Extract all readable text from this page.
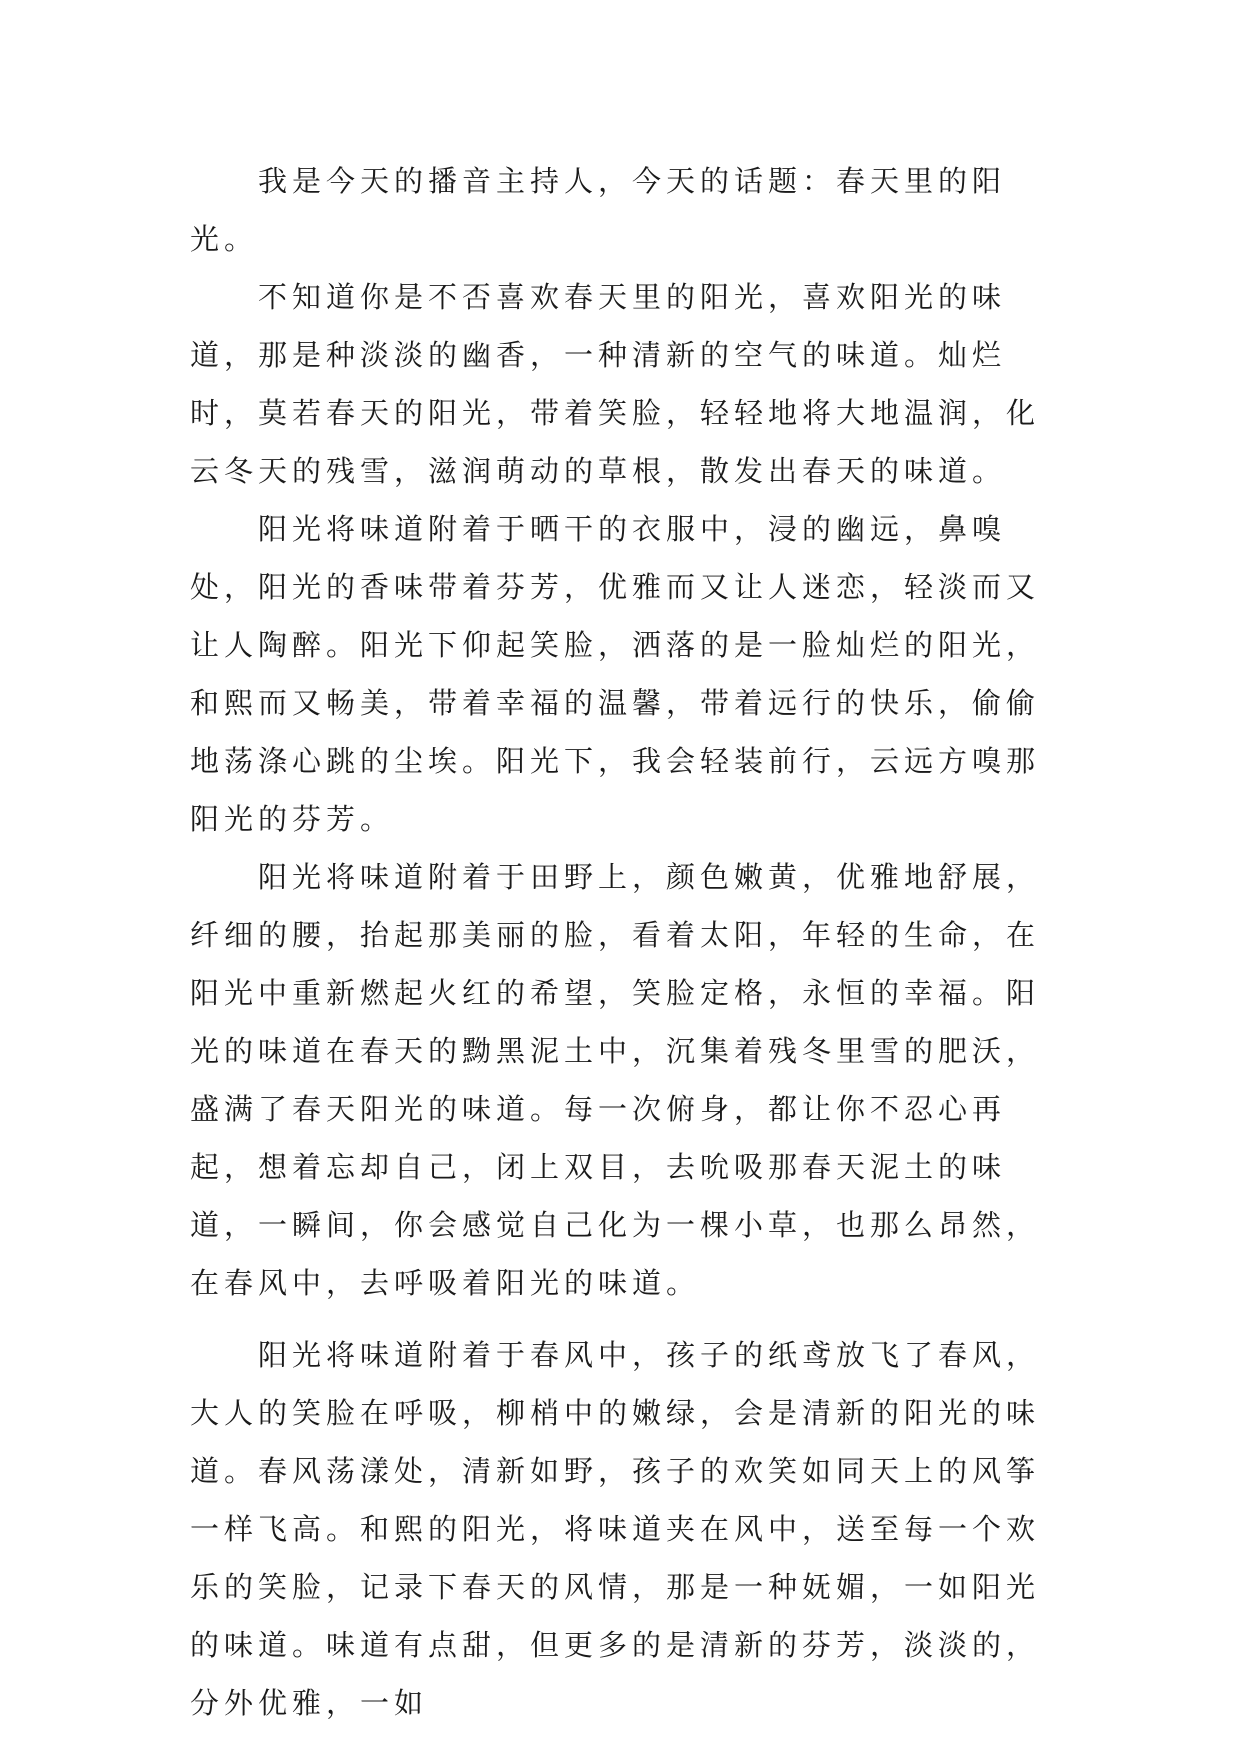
我是今天的播音主持人，今天的话题：春天里的阳光。

不知道你是不否喜欢春天里的阳光，喜欢阳光的味道，那是种淡淡的幽香，一种清新的空气的味道。灿烂时，莫若春天的阳光，带着笑脸，轻轻地将大地温润，化云冬天的残雪，滋润萌动的草根，散发出春天的味道。

阳光将味道附着于晒干的衣服中，浸的幽远，鼻嗅处，阳光的香味带着芬芳，优雅而又让人迷恋，轻淡而又让人陶醉。阳光下仰起笑脸，洒落的是一脸灿烂的阳光，和熙而又畅美，带着幸福的温馨，带着远行的快乐，偷偷地荡涤心跳的尘埃。阳光下，我会轻装前行，云远方嗅那阳光的芬芳。

阳光将味道附着于田野上，颜色嫩黄，优雅地舒展，纤细的腰，抬起那美丽的脸，看着太阳，年轻的生命，在阳光中重新燃起火红的希望，笑脸定格，永恒的幸福。阳光的味道在春天的黝黑泥土中，沉集着残冬里雪的肥沃，盛满了春天阳光的味道。每一次俯身，都让你不忍心再起，想着忘却自己，闭上双目，去吮吸那春天泥土的味道，一瞬间，你会感觉自己化为一棵小草，也那么昂然，在春风中，去呼吸着阳光的味道。

阳光将味道附着于春风中，孩子的纸鸢放飞了春风，大人的笑脸在呼吸，柳梢中的嫩绿，会是清新的阳光的味道。春风荡漾处，清新如野，孩子的欢笑如同天上的风筝一样飞高。和熙的阳光，将味道夹在风中，送至每一个欢乐的笑脸，记录下春天的风情，那是一种妩媚，一如阳光的味道。味道有点甜，但更多的是清新的芬芳，淡淡的，分外优雅，一如
